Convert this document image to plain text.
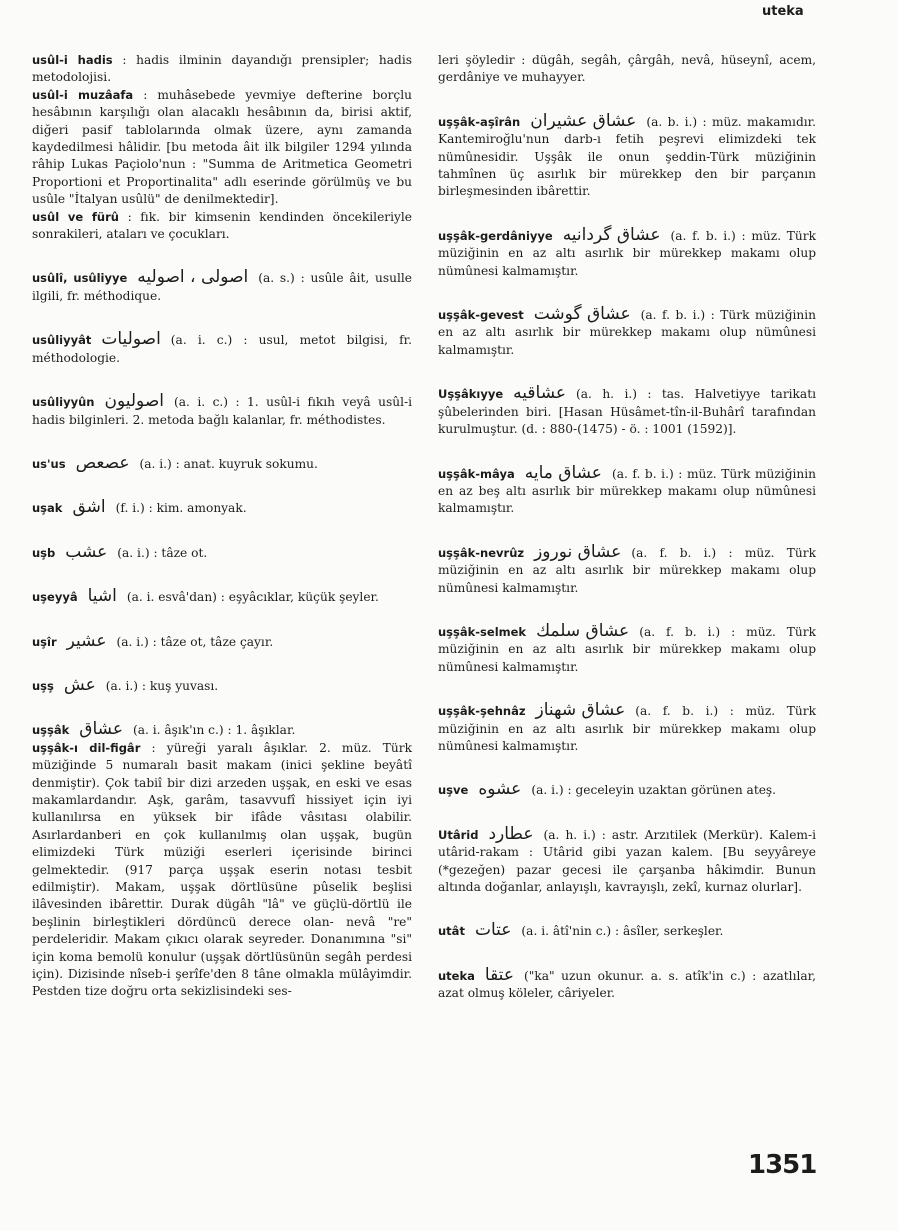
uteka
usûl-i hadis : hadis ilminin dayandığı prensipler; hadis metodolojisi.
usûl-i muzâafa : muhâsebede yevmiye defterine borçlu hesâbının karşılığı olan alacaklı hesâbının da, birisi aktif, diğeri pasif tablolarında olmak üzere, aynı zamanda kaydedilmesi hâlidir. [bu metoda âit ilk bilgiler 1294 yılında râhip Lukas Paçiolo'nun : "Summa de Aritmetica Geometri Proportioni et Proportinalita" adlı eserinde görülmüş ve bu usûle "İtalyan usûlü" de denilmektedir].
usûl ve fürû : fık. bir kimsenin kendinden öncekileriyle sonrakileri, ataları ve çocukları.
usûlî, usûliyye اصولى ، اصوليه (a. s.) : usûle âit, usulle ilgili, fr. méthodique.
usûliyyât اصوليات (a. i. c.) : usul, metot bilgisi, fr. méthodologie.
usûliyyûn اصوليون (a. i. c.) : 1. usûl-i fıkıh veyâ usûl-i hadis bilginleri. 2. metoda bağlı kalanlar, fr. méthodistes.
us'us عصعص (a. i.) : anat. kuyruk sokumu.
uşak اشق (f. i.) : kim. amonyak.
uşb عشب (a. i.) : tâze ot.
uşeyyâ اشيا (a. i. esvâ'dan) : eşyâcıklar, küçük şeyler.
uşîr عشير (a. i.) : tâze ot, tâze çayır.
uşş عش (a. i.) : kuş yuvası.
uşşâk عشاق (a. i. âşık'ın c.) : 1. âşıklar.
uşşâk-ı dil-figâr : yüreği yaralı âşıklar. 2. müz. Türk müziğinde 5 numaralı basit makam (inici şekline beyâtî denmiştir). Çok tabiî bir dizi arzeden uşşak, en eski ve esas makamlardandır. Aşk, garâm, tasavvufî hissiyet için iyi kullanılırsa en yüksek bir ifâde vâsıtası olabilir. Asırlardanberi en çok kullanılmış olan uşşak, bugün elimizdeki Türk müziği eserleri içerisinde birinci gelmektedir. (917 parça uşşak eserin notası tesbit edilmiştir). Makam, uşşak dörtlüsüne pûselik beşlisi ilâvesinden ibârettir. Durak dügâh "lâ" ve güçlü-dörtlü ile beşlinin birleştikleri dördüncü derece olan- nevâ "re" perdeleridir. Makam çıkıcı olarak seyreder. Donanımına "si" için koma bemolü konulur (uşşak dörtlüsünün segâh perdesi için). Dizisinde nîseb-i şerîfe'den 8 tâne olmakla mülâyimdir. Pestden tize doğru orta sekizlisindeki ses-
leri şöyledir : dügâh, segâh, çârgâh, nevâ, hüseynî, acem, gerdâniye ve muhayyer.
uşşâk-aşîrân عشاق عشيران (a. b. i.) : müz. makamıdır. Kantemiroğlu'nun darb-ı fetih peşrevi elimizdeki tek nümûnesidir. Uşşâk ile onun şeddin-Türk müziğinin tahmînen üç asırlık bir mürekkep den bir parçanın birleşmesinden ibârettir.
uşşâk-gerdâniyye عشاق گردانيه (a. f. b. i.) : müz. Türk müziğinin en az altı asırlık bir mürekkep makamı olup nümûnesi kalmamıştır.
uşşâk-gevest عشاق گوشت (a. f. b. i.) : Türk müziğinin en az altı asırlık bir mürekkep makamı olup nümûnesi kalmamıştır.
Uşşâkıyye عشاقيه (a. h. i.) : tas. Halvetiyye tarikatı şûbelerinden biri. [Hasan Hüsâmet-tîn-il-Buhârî tarafından kurulmuştur. (d. : 880-(1475) - ö. : 1001 (1592)].
uşşâk-mâya عشاق مايه (a. f. b. i.) : müz. Türk müziğinin en az beş altı asırlık bir mürekkep makamı olup nümûnesi kalmamıştır.
uşşâk-nevrûz عشاق نوروز (a. f. b. i.) : müz. Türk müziğinin en az altı asırlık bir mürekkep makamı olup nümûnesi kalmamıştır.
uşşâk-selmek عشاق سلمك (a. f. b. i.) : müz. Türk müziğinin en az altı asırlık bir mürekkep makamı olup nümûnesi kalmamıştır.
uşşâk-şehnâz عشاق شهناز (a. f. b. i.) : müz. Türk müziğinin en az altı asırlık bir mürekkep makamı olup nümûnesi kalmamıştır.
uşve عشوه (a. i.) : geceleyin uzaktan görünen ateş.
Utârid عطارد (a. h. i.) : astr. Arzıtilek (Merkür). Kalem-i utârid-rakam : Utârid gibi yazan kalem. [Bu seyyâreye (*gezeğen) pazar gecesi ile çarşanba hâkimdir. Bunun altında doğanlar, anlayışlı, kavrayışlı, zekî, kurnaz olurlar].
utât عتات (a. i. âtî'nin c.) : âsîler, serkeşler.
uteka عتقا ("ka" uzun okunur. a. s. atîk'in c.) : azatlılar, azat olmuş köleler, câriyeler.
1351
